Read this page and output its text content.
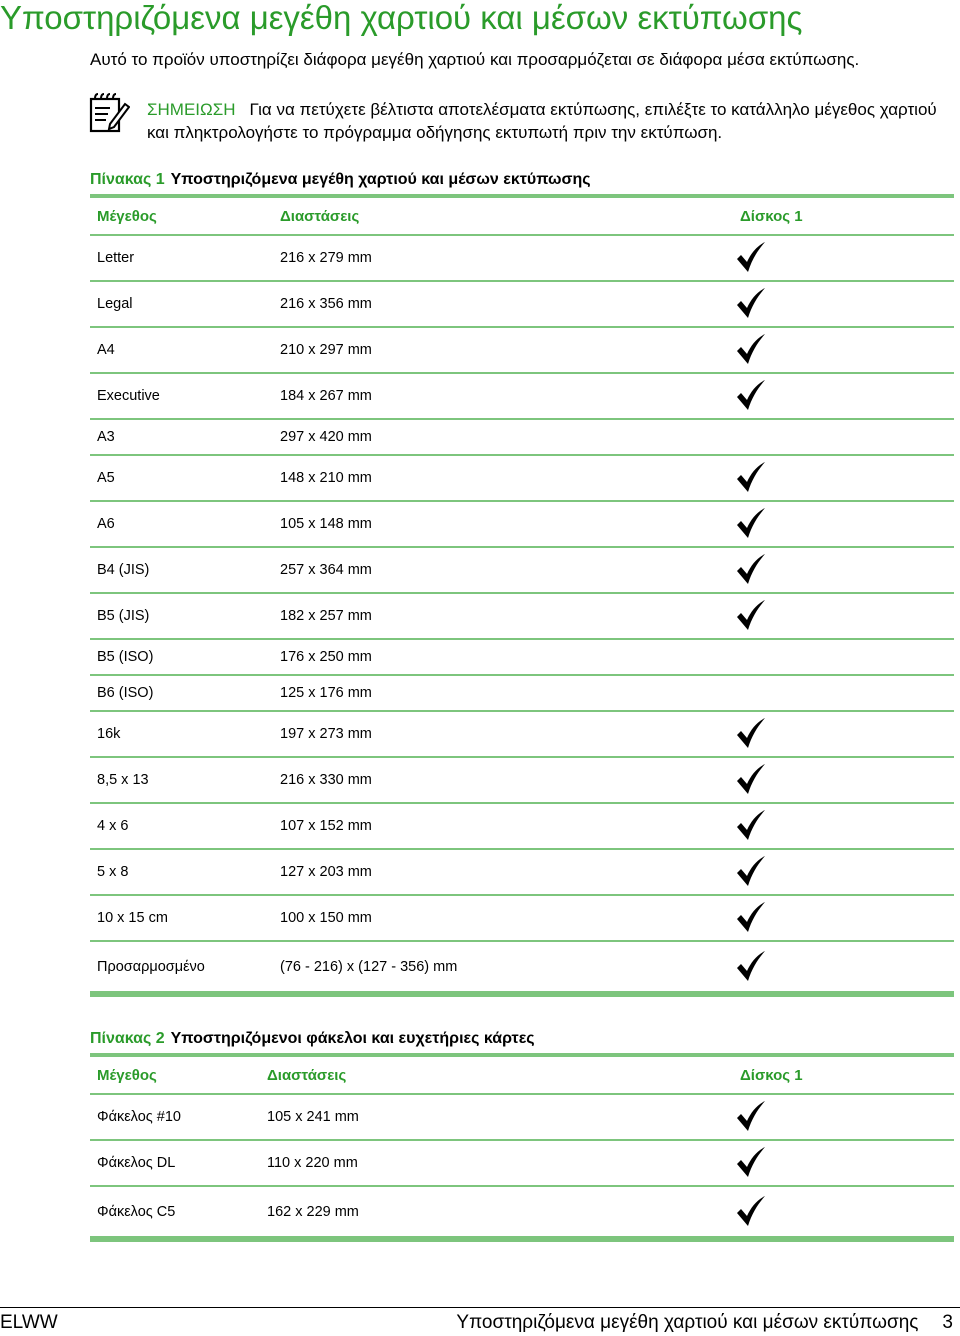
Υποστηριζόμενα μεγέθη χαρτιού και μέσων εκτύπωσης
Αυτό το προϊόν υποστηρίζει διάφορα μεγέθη χαρτιού και προσαρμόζεται σε διάφορα μέσα εκτύπωσης.
ΣΗΜΕΙΩΣΗ Για να πετύχετε βέλτιστα αποτελέσματα εκτύπωσης, επιλέξτε το κατάλληλο μέγεθος χαρτιού και πληκτρολογήστε το πρόγραμμα οδήγησης εκτυπωτή πριν την εκτύπωση.
Πίνακας 1 Υποστηριζόμενα μεγέθη χαρτιού και μέσων εκτύπωσης
Μέγεθος	Διαστάσεις	Δίσκος 1
Letter	216 x 279 mm
Legal	216 x 356 mm
A4	210 x 297 mm
Executive	184 x 267 mm
A3	297 x 420 mm
A5	148 x 210 mm
A6	105 x 148 mm
B4 (JIS)	257 x 364 mm
B5 (JIS)	182 x 257 mm
B5 (ISO)	176 x 250 mm
B6 (ISO)	125 x 176 mm
16k	197 x 273 mm
8,5 x 13	216 x 330 mm
4 x 6	107 x 152 mm
5 x 8	127 x 203 mm
10 x 15 cm	100 x 150 mm
Προσαρμοσμένο	(76 - 216) x (127 - 356) mm
Πίνακας 2 Υποστηριζόμενοι φάκελοι και ευχετήριες κάρτες
Μέγεθος	Διαστάσεις	Δίσκος 1
Φάκελος #10	105 x 241 mm
Φάκελος DL	110 x 220 mm
Φάκελος C5	162 x 229 mm
ELWW	Υποστηριζόμενα μεγέθη χαρτιού και μέσων εκτύπωσης 3
